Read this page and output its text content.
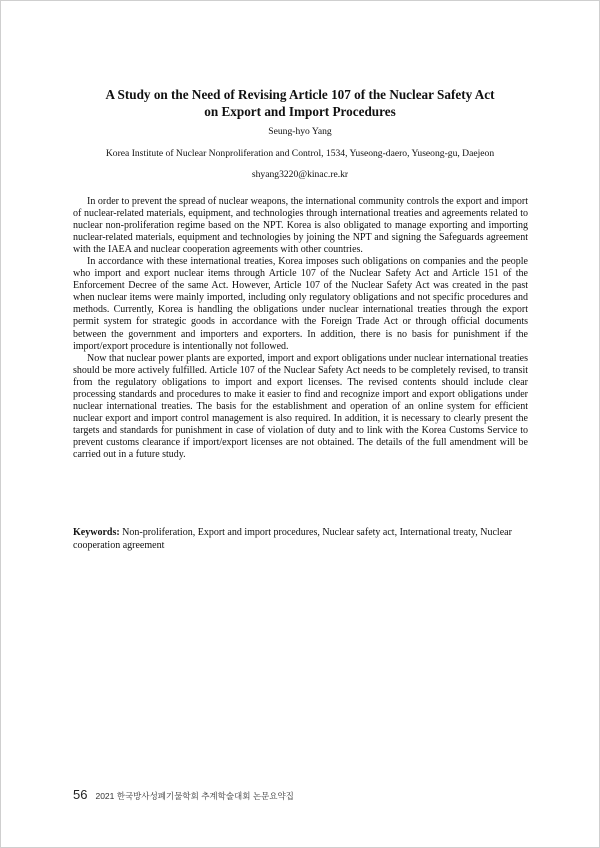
A Study on the Need of Revising Article 107 of the Nuclear Safety Act
on Export and Import Procedures
Seung-hyo Yang
Korea Institute of Nuclear Nonproliferation and Control, 1534, Yuseong-daero, Yuseong-gu, Daejeon
shyang3220@kinac.re.kr

In order to prevent the spread of nuclear weapons, the international community controls the export and import of nuclear-related materials, equipment, and technologies through international treaties and agreements related to nuclear non-proliferation regime based on the NPT. Korea is also obligated to manage exporting and importing nuclear-related materials, equipment and technologies by joining the NPT and signing the Safeguards agreement with the IAEA and nuclear cooperation agreements with other countries.

In accordance with these international treaties, Korea imposes such obligations on companies and the people who import and export nuclear items through Article 107 of the Nuclear Safety Act and Article 151 of the Enforcement Decree of the same Act. However, Article 107 of the Nuclear Safety Act was created in the past when nuclear items were mainly imported, including only regulatory obligations and not specific procedures and methods. Currently, Korea is handling the obligations under nuclear international treaties through the export permit system for strategic goods in accordance with the Foreign Trade Act or through official documents between the government and importers and exporters. In addition, there is no basis for punishment if the import/export procedure is intentionally not followed.

Now that nuclear power plants are exported, import and export obligations under nuclear international treaties should be more actively fulfilled. Article 107 of the Nuclear Safety Act needs to be completely revised, to transit from the regulatory obligations to import and export licenses. The revised contents should include clear processing standards and procedures to make it easier to find and recognize import and export obligations under nuclear international treaties. The basis for the establishment and operation of an online system for efficient nuclear export and import control management is also required. In addition, it is necessary to clearly present the targets and standards for punishment in case of violation of duty and to link with the Korea Customs Service to prevent customs clearance if import/export licenses are not obtained. The details of the full amendment will be carried out in a future study.

Keywords: Non-proliferation, Export and import procedures, Nuclear safety act, International treaty, Nuclear cooperation agreement
56 2021 한국방사성폐기물학회 추계학술대회 논문요약집
